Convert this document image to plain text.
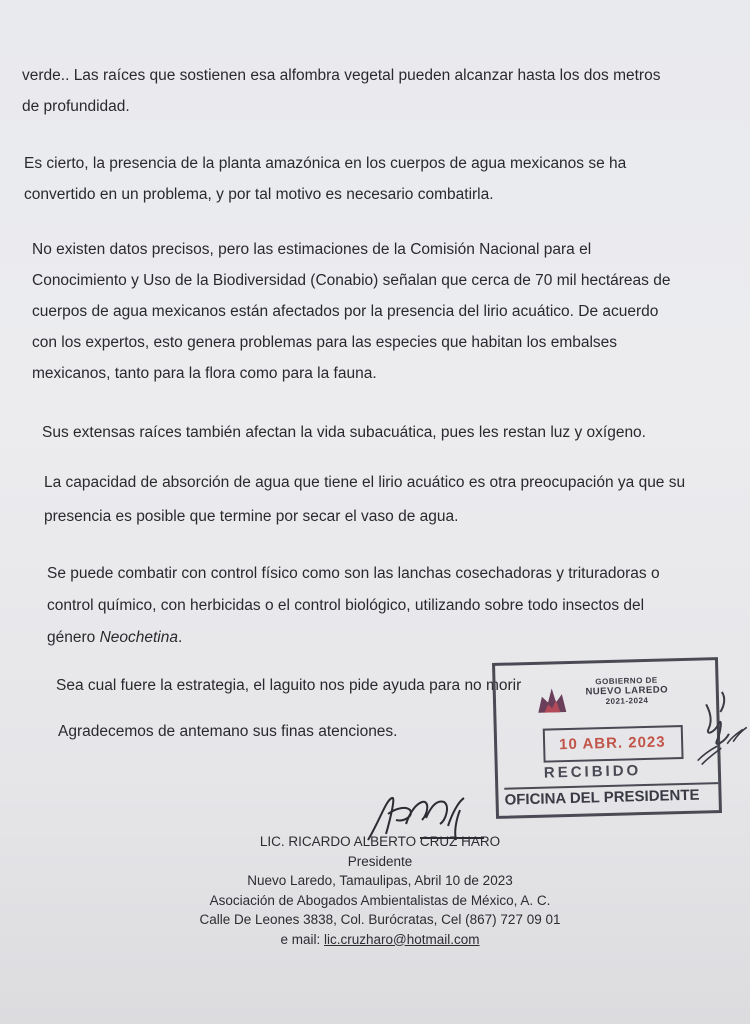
verde.. Las raíces que sostienen esa alfombra vegetal pueden alcanzar hasta los dos metros
de profundidad.

Es cierto, la presencia de la planta amazónica en los cuerpos de agua mexicanos se ha
convertido en un problema, y por tal motivo es necesario combatirla.

No existen datos precisos, pero las estimaciones de la Comisión Nacional para el
Conocimiento y Uso de la Biodiversidad (Conabio) señalan que cerca de 70 mil hectáreas de
cuerpos de agua mexicanos están afectados por la presencia del lirio acuático. De acuerdo
con los expertos, esto genera problemas para las especies que habitan los embalses
mexicanos, tanto para la flora como para la fauna.

Sus extensas raíces también afectan la vida subacuática, pues les restan luz y oxígeno.

La capacidad de absorción de agua que tiene el lirio acuático es otra preocupación ya que su
presencia es posible que termine por secar el vaso de agua.

Se puede combatir con control físico como son las lanchas cosechadoras y trituradoras o
control químico, con herbicidas o el control biológico, utilizando sobre todo insectos del
género Neochetina.

Sea cual fuere la estrategia, el laguito nos pide ayuda para no morir

Agradecemos de antemano sus finas atenciones.

GOBIERNO DE
NUEVO LAREDO
2021-2024
10 ABR. 2023
RECIBIDO
OFICINA DEL PRESIDENTE
LIC. RICARDO ALBERTO CRUZ HARO
Presidente
Nuevo Laredo, Tamaulipas, Abril 10 de 2023
Asociación de Abogados Ambientalistas de México, A. C.
Calle De Leones 3838, Col. Burócratas, Cel (867) 727 09 01
e mail: lic.cruzharo@hotmail.com
